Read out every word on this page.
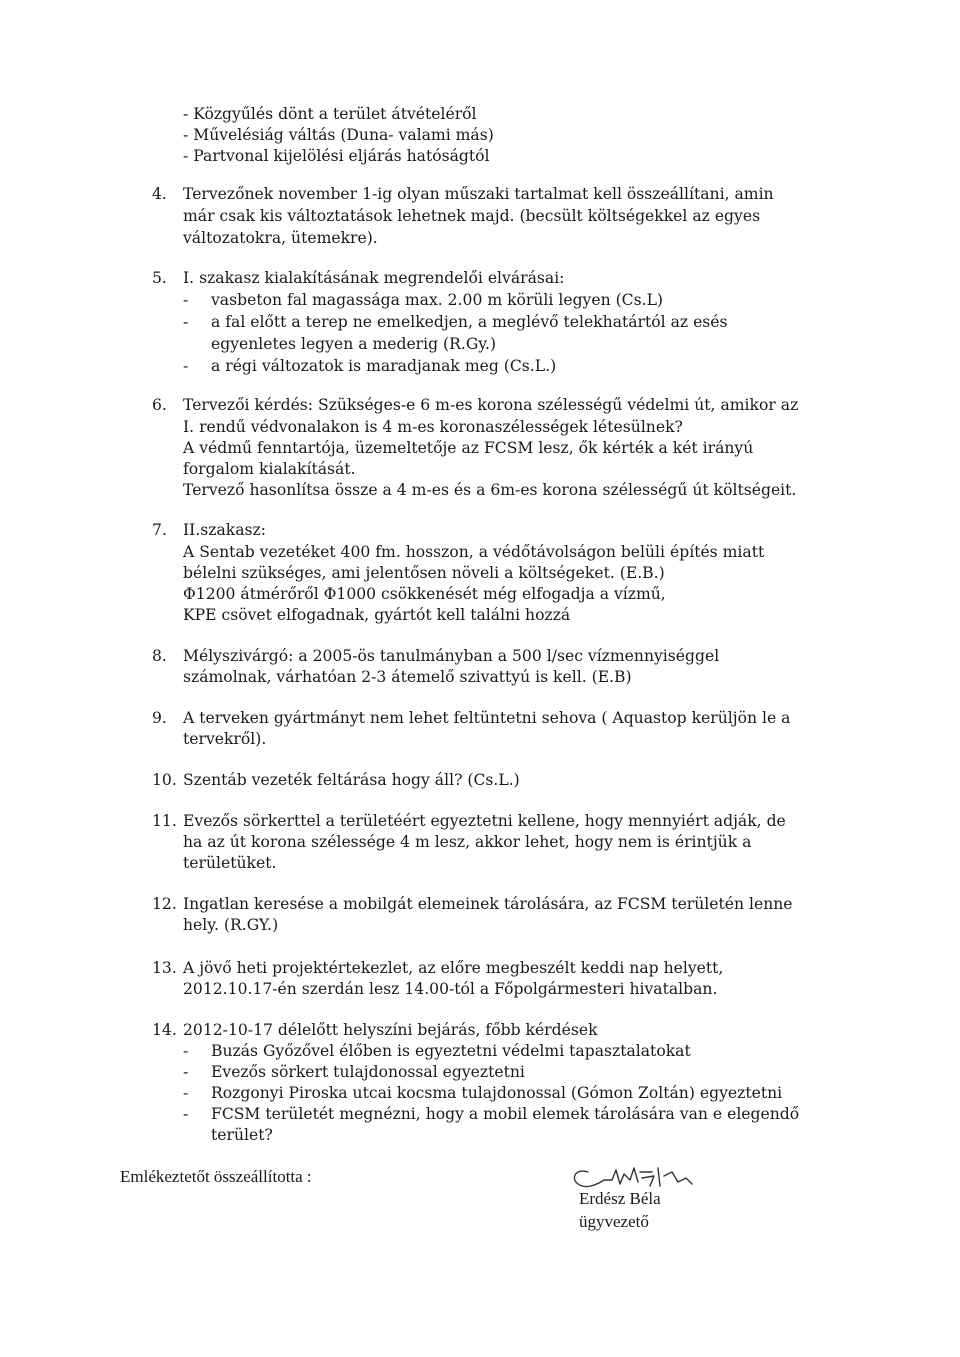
- Közgyűlés dönt a terület átvételéről
- Művelésiág váltás (Duna- valami más)
- Partvonal kijelölési eljárás hatóságtól
4. Tervezőnek november 1-ig olyan műszaki tartalmat kell összeállítani, amin
már csak kis változtatások lehetnek majd. (becsült költségekkel az egyes
változatokra, ütemekre).
5. I. szakasz kialakításának megrendelői elvárásai:
- vasbeton fal magassága max. 2.00 m körüli legyen (Cs.L)
- a fal előtt a terep ne emelkedjen, a meglévő telekhatártól az esés
egyenletes legyen a mederig (R.Gy.)
- a régi változatok is maradjanak meg (Cs.L.)
6. Tervezői kérdés: Szükséges-e 6 m-es korona szélességű védelmi út, amikor az
I. rendű védvonalakon is 4 m-es koronaszélességek létesülnek?
A védmű fenntartója, üzemeltetője az FCSM lesz, ők kérték a két irányú
forgalom kialakítását.
Tervező hasonlítsa össze a 4 m-es és a 6m-es korona szélességű út költségeit.
7. II.szakasz:
A Sentab vezetéket 400 fm. hosszon, a védőtávolságon belüli építés miatt
bélelni szükséges, ami jelentősen növeli a költségeket. (E.B.)
Φ1200 átmérőről Φ1000 csökkenését még elfogadja a vízmű,
KPE csövet elfogadnak, gyártót kell találni hozzá
8. Mélyszivárgó: a 2005-ös tanulmányban a 500 l/sec vízmennyiséggel
számolnak, várhatóan 2-3 átemelő szivattyú is kell. (E.B)
9. A terveken gyártmányt nem lehet feltüntetni sehova ( Aquastop kerüljön le a
tervekről).
10. Szentáb vezeték feltárása hogy áll? (Cs.L.)
11. Evezős sörkerttel a területéért egyeztetni kellene, hogy mennyiért adják, de
ha az út korona szélessége 4 m lesz, akkor lehet, hogy nem is érintjük a
területüket.
12. Ingatlan keresése a mobilgát elemeinek tárolására, az FCSM területén lenne
hely. (R.GY.)
13. A jövő heti projektértekezlet, az előre megbeszélt keddi nap helyett,
2012.10.17-én szerdán lesz 14.00-tól a Főpolgármesteri hivatalban.
14. 2012-10-17 délelőtt helyszíni bejárás, főbb kérdések
- Buzás Győzővel élőben is egyeztetni védelmi tapasztalatokat
- Evezős sörkert tulajdonossal egyeztetni
- Rozgonyi Piroska utcai kocsma tulajdonossal (Gómon Zoltán) egyeztetni
- FCSM területét megnézni, hogy a mobil elemek tárolására van e elegendő
terület?
Emlékeztetőt összeállította :
Erdész Béla
ügyvezető
